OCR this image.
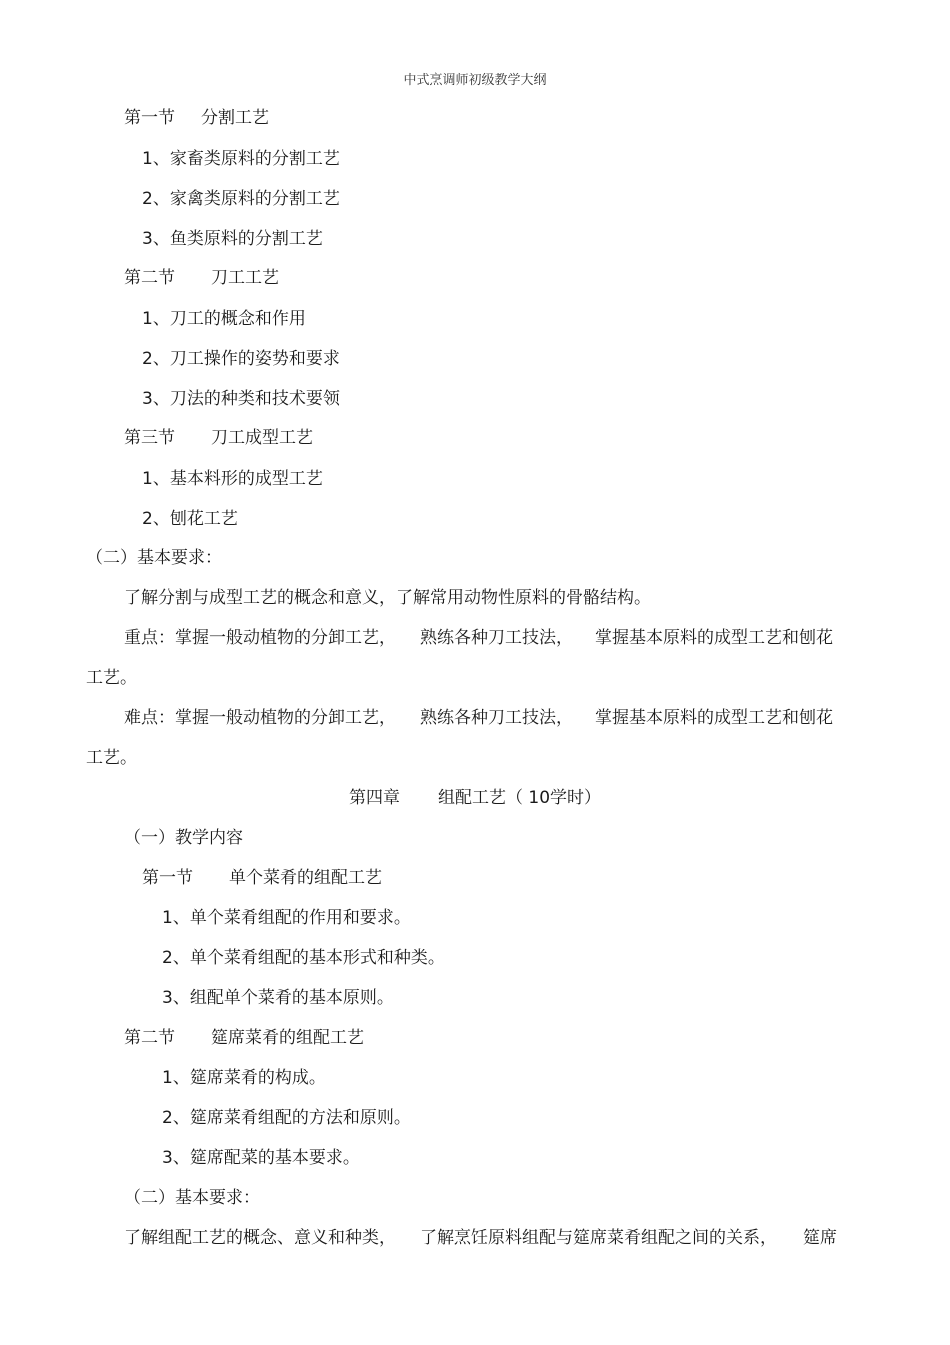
中式烹调师初级教学大纲
第一节 分割工艺
1、家畜类原料的分割工艺
2、家禽类原料的分割工艺
3、鱼类原料的分割工艺
第二节 刀工工艺
1、刀工的概念和作用
2、刀工操作的姿势和要求
3、刀法的种类和技术要领
第三节 刀工成型工艺
1、基本料形的成型工艺
2、刨花工艺
（二）基本要求：
了解分割与成型工艺的概念和意义，了解常用动物性原料的骨骼结构。
重点：掌握一般动植物的分卸工艺， 熟练各种刀工技法， 掌握基本原料的成型工艺和刨花
工艺。
难点：掌握一般动植物的分卸工艺， 熟练各种刀工技法， 掌握基本原料的成型工艺和刨花
工艺。
第四章 组配工艺（ 10学时）
（一）教学内容
第一节 单个菜肴的组配工艺
1、单个菜肴组配的作用和要求。
2、单个菜肴组配的基本形式和种类。
3、组配单个菜肴的基本原则。
第二节 筵席菜肴的组配工艺
1、筵席菜肴的构成。
2、筵席菜肴组配的方法和原则。
3、筵席配菜的基本要求。
（二）基本要求：
了解组配工艺的概念、意义和种类， 了解烹饪原料组配与筵席菜肴组配之间的关系， 筵席
